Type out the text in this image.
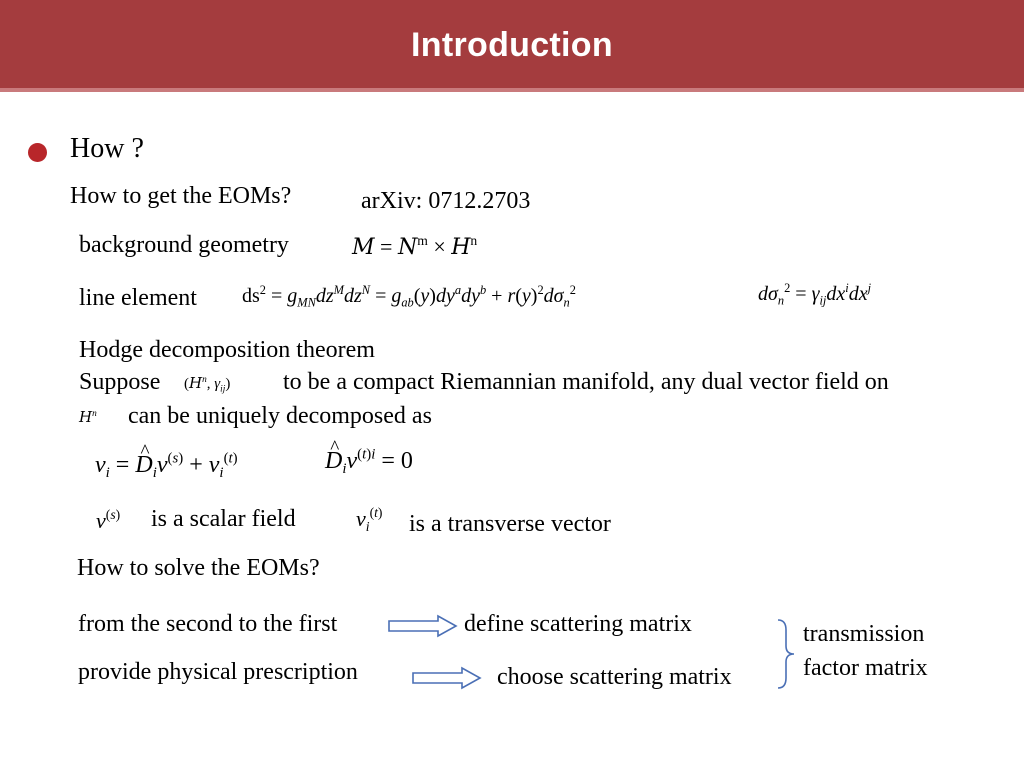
Introduction
How ?
How to get the EOMs?	arXiv: 0712.2703
background geometry	$M = N^m \times H^n$
line element $ds^2 = g_{MN}dz^Mdz^N = g_{ab}(y)dy^ady^b + r(y)^2d\sigma_n^2$	$d\sigma_n^2 = \gamma_{ij}dx^idx^j$
Hodge decomposition theorem
Suppose ($H^n$, $\gamma_{ij}$) to be a compact Riemannian manifold, any dual vector field on
$H^n$ can be uniquely decomposed as
$v_i$ = ^ $D_iv^{(s)} + v_i^{(t)}$
^	$D_iv^{(t)i} = 0$
$v^{(s)}$ is a scalar field	$v_i^{(t)}$ is a transverse vector
How to solve the EOMs?
from the second to the first	define scattering matrix
provide physical prescription	choose scattering matrix
transmission
factor matrix
